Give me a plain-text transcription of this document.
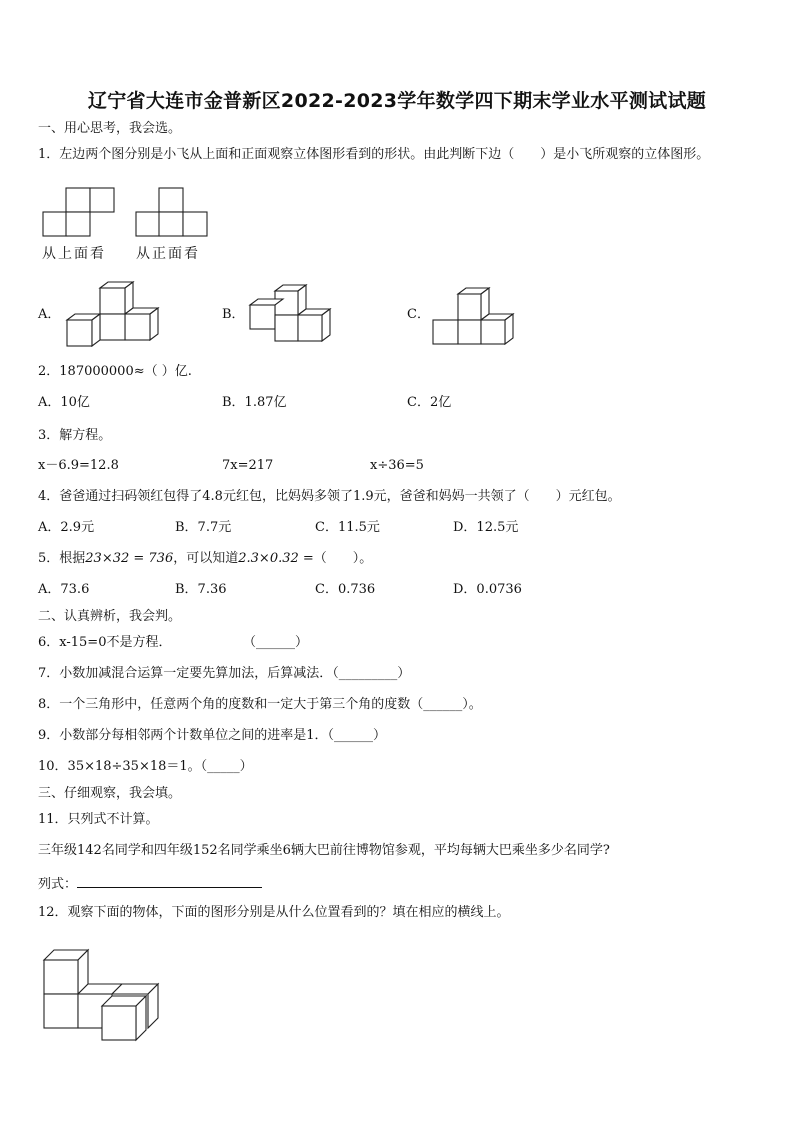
辽宁省大连市金普新区2022-2023学年数学四下期末学业水平测试试题
一、用心思考，我会选。
1．左边两个图分别是小飞从上面和正面观察立体图形看到的形状。由此判断下边（　　）是小飞所观察的立体图形。
从上面看 从正面看
A．	B．	C．
2．187000000≈（ ）亿.
A．10亿	B．1.87亿	C．2亿
3．解方程。
x－6.9=12.8	7x=217	x÷36=5
4．爸爸通过扫码领红包得了4.8元红包，比妈妈多领了1.9元，爸爸和妈妈一共领了（　　）元红包。
A．2.9元	B．7.7元	C．11.5元	D．12.5元
5．根据23×32 = 736，可以知道2.3×0.32 =（　　）。
A．73.6	B．7.36	C．0.736	D．0.0736
二、认真辨析，我会判。
6．x-15=0不是方程．	（______）
7．小数加减混合运算一定要先算加法，后算减法．（_________）
8．一个三角形中，任意两个角的度数和一定大于第三个角的度数（______）。
9．小数部分每相邻两个计数单位之间的进率是1．（______）
10．35×18÷35×18＝1。（_____）
三、仔细观察，我会填。
11．只列式不计算。
三年级142名同学和四年级152名同学乘坐6辆大巴前往博物馆参观，平均每辆大巴乘坐多少名同学?
列式：
12．观察下面的物体，下面的图形分别是从什么位置看到的？填在相应的横线上。
